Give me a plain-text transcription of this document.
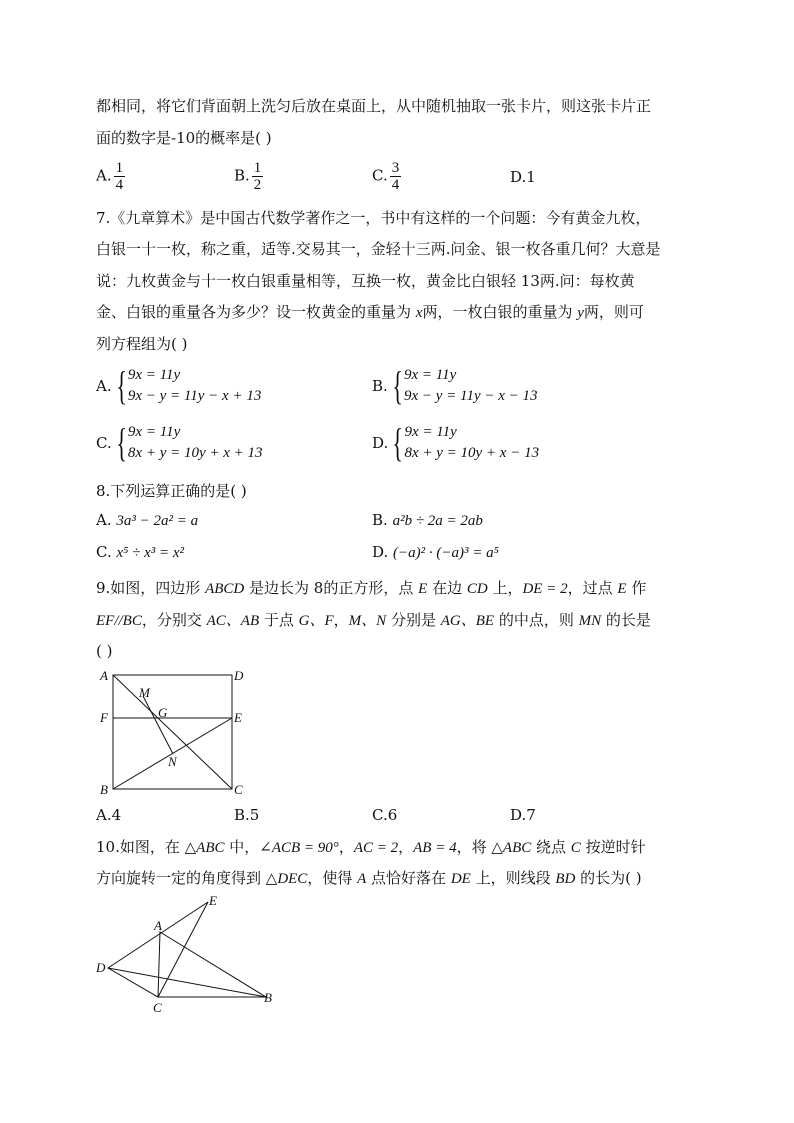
都相同，将它们背面朝上洗匀后放在桌面上，从中随机抽取一张卡片，则这张卡片正
面的数字是-10的概率是( )
A. $\frac{1}{4}$	B. $\frac{1}{2}$	C. $\frac{3}{4}$	D.1
7.《九章算术》是中国古代数学著作之一，书中有这样的一个问题：今有黄金九枚，
白银一十一枚，称之重，适等.交易其一，金轻十三两.问金、银一枚各重几何？大意是
说：九枚黄金与十一枚白银重量相等，互换一枚，黄金比白银轻 13两.问：每枚黄
金、白银的重量各为多少？设一枚黄金的重量为 x两，一枚白银的重量为 y两，则可
列方程组为( )
A. { 9x = 11y
9x − y = 11y − x + 13
B. { 9x = 11y
9x − y = 11y − x − 13
C. { 9x = 11y
8x + y = 10y + x + 13
D. { 9x = 11y
8x + y = 10y + x − 13
8.下列运算正确的是( )
A. 3a³ − 2a² = a	B. a²b ÷ 2a = 2ab
C. x⁵ ÷ x³ = x²	D. (−a)² · (−a)³ = a⁵
9.如图，四边形 ABCD 是边长为 8的正方形，点 E 在边 CD 上，DE = 2，过点 E 作
EF//BC，分别交 AC、AB 于点 G、F，M、N 分别是 AG、BE 的中点，则 MN 的长是
( )
A	D
F	E
B	C
M
G
N
A.4	B.5	C.6	D.7
10.如图，在 △ABC 中，∠ACB = 90°，AC = 2，AB = 4，将 △ABC 绕点 C 按逆时针
方向旋转一定的角度得到 △DEC，使得 A 点恰好落在 DE 上，则线段 BD 的长为( )
A
B
C
D
E
